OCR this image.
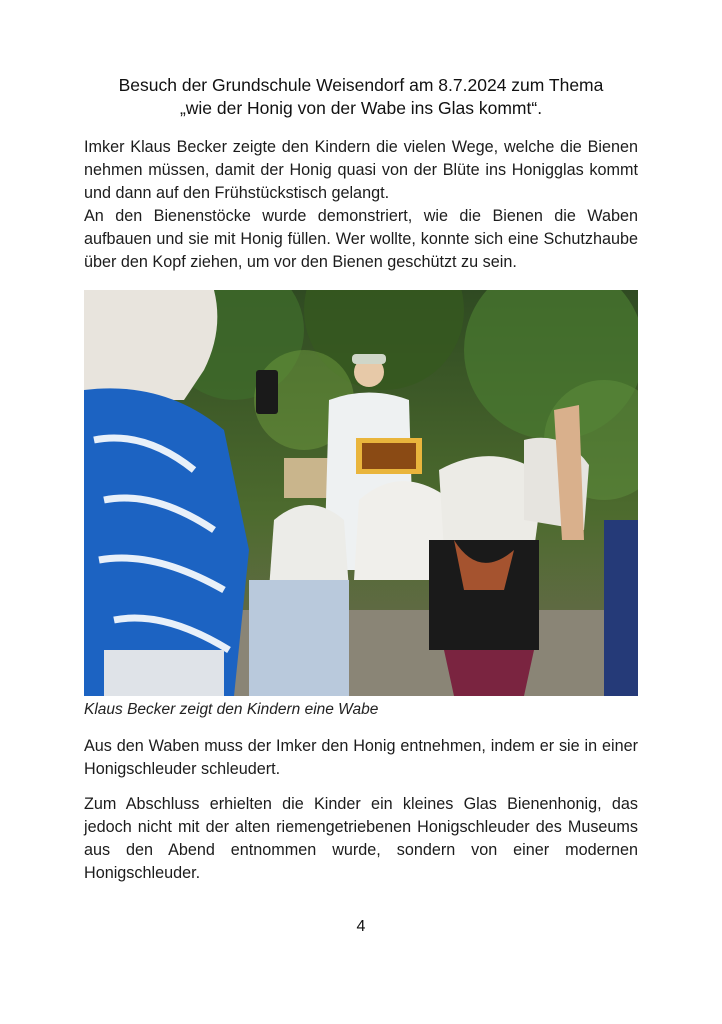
Besuch der Grundschule Weisendorf am 8.7.2024 zum Thema
„wie der Honig von der Wabe ins Glas kommt“.
Imker Klaus Becker zeigte den Kindern die vielen Wege, welche die Bienen nehmen müssen, damit der Honig quasi von der Blüte ins Honigglas kommt und dann auf den Frühstückstisch gelangt.
An den Bienenstöcke wurde demonstriert, wie die Bienen die Waben aufbauen und sie mit Honig füllen. Wer wollte, konnte sich eine Schutzhaube über den Kopf ziehen, um vor den Bienen geschützt zu sein.
Klaus Becker zeigt den Kindern eine Wabe
Aus den Waben muss der Imker den Honig entnehmen, indem er sie in einer Honigschleuder schleudert.
Zum Abschluss erhielten die Kinder ein kleines Glas Bienenhonig, das jedoch nicht mit der alten riemengetriebenen Honigschleuder des Museums aus den Abend entnommen wurde, sondern von einer modernen Honigschleuder.
4
